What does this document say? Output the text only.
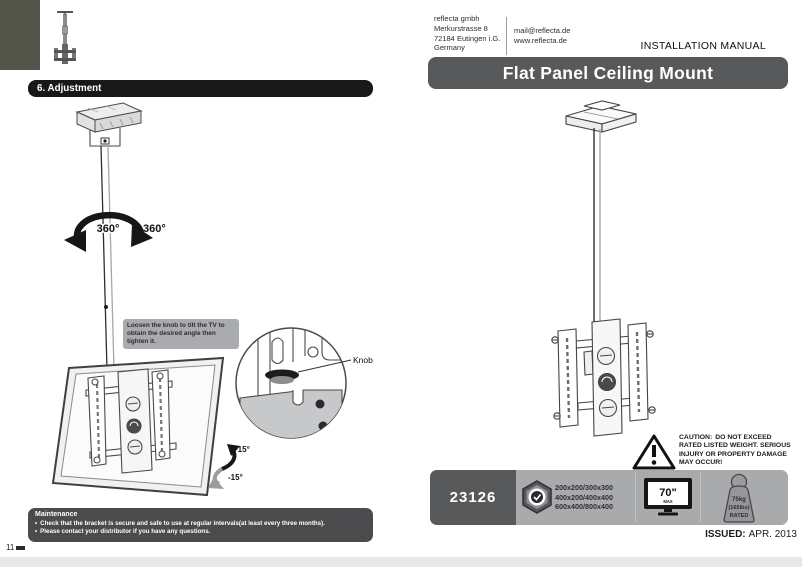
reflecta gmbh
Merkurstrasse 8
72184 Eutingen i.G.
Germany
mail@reflecta.de
www.reflecta.de	INSTALLATION MANUAL
Flat Panel Ceiling Mount
6. Adjustment
360° 360°
+15°
-15°
Knob
Loosen the knob to tilt the TV to obtain the desired angle then tighten it.
CAUTION: DO NOT EXCEED RATED LISTED WEIGHT. SERIOUS INJURY OR PROPERTY DAMAGE MAY OCCUR!
23126
200x200/300x300
400x200/400x400
600x400/800x400
70"
MAX	75kg
(165lbs)
RATED
ISSUED: APR. 2013
Maintenance
• Check that the bracket is secure and safe to use at regular intervals(at least every three months).
• Please contact your distributor if you have any questions.
11
